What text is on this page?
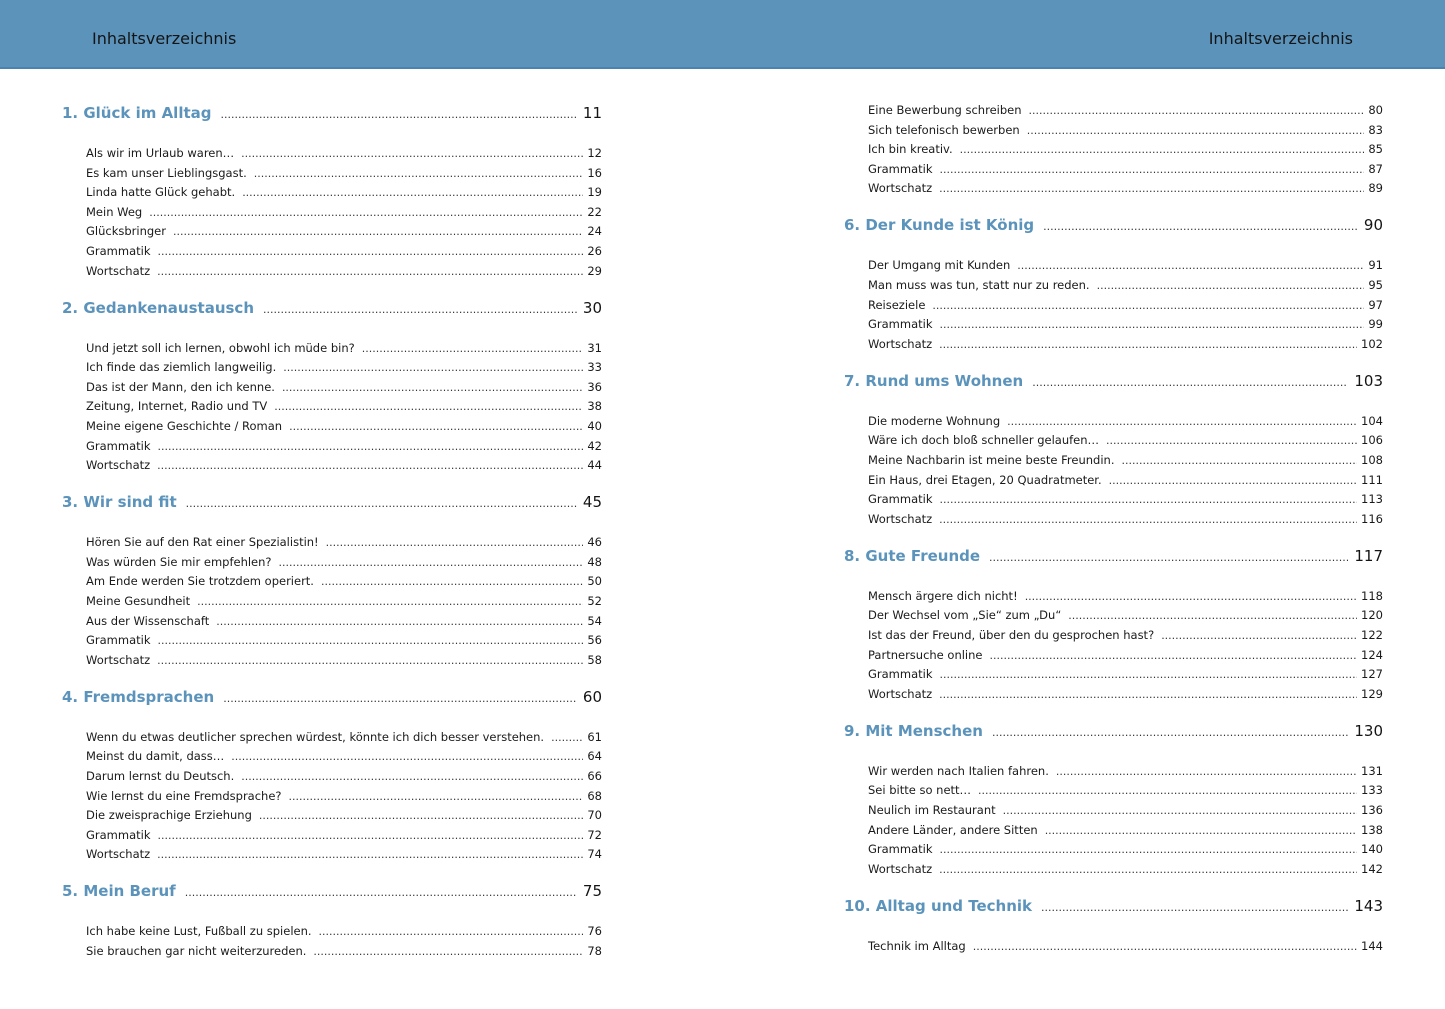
Inhaltsverzeichnis	Inhaltsverzeichnis
1. Glück im Alltag .....	11
Als wir im Urlaub waren… .....	12
Es kam unser Lieblingsgast. .....	16
Linda hatte Glück gehabt. .....	19
Mein Weg .....	22
Glücksbringer .....	24
Grammatik .....	26
Wortschatz .....	29
2. Gedankenaustausch .....	30
Und jetzt soll ich lernen, obwohl ich müde bin? .....	31
Ich finde das ziemlich langweilig. .....	33
Das ist der Mann, den ich kenne. .....	36
Zeitung, Internet, Radio und TV .....	38
Meine eigene Geschichte / Roman .....	40
Grammatik .....	42
Wortschatz .....	44
3. Wir sind fit .....	45
Hören Sie auf den Rat einer Spezialistin! .....	46
Was würden Sie mir empfehlen? .....	48
Am Ende werden Sie trotzdem operiert. .....	50
Meine Gesundheit .....	52
Aus der Wissenschaft .....	54
Grammatik .....	56
Wortschatz .....	58
4. Fremdsprachen .....	60
Wenn du etwas deutlicher sprechen würdest, könnte ich dich besser verstehen. .....	61
Meinst du damit, dass… .....	64
Darum lernst du Deutsch. .....	66
Wie lernst du eine Fremdsprache? .....	68
Die zweisprachige Erziehung .....	70
Grammatik .....	72
Wortschatz .....	74
5. Mein Beruf .....	75
Ich habe keine Lust, Fußball zu spielen. .....	76
Sie brauchen gar nicht weiterzureden. .....	78
Eine Bewerbung schreiben .....	80
Sich telefonisch bewerben .....	83
Ich bin kreativ. .....	85
Grammatik .....	87
Wortschatz .....	89
6. Der Kunde ist König .....	90
Der Umgang mit Kunden .....	91
Man muss was tun, statt nur zu reden. .....	95
Reiseziele .....	97
Grammatik .....	99
Wortschatz .....	102
7. Rund ums Wohnen .....	103
Die moderne Wohnung .....	104
Wäre ich doch bloß schneller gelaufen… .....	106
Meine Nachbarin ist meine beste Freundin. .....	108
Ein Haus, drei Etagen, 20 Quadratmeter. .....	111
Grammatik .....	113
Wortschatz .....	116
8. Gute Freunde .....	117
Mensch ärgere dich nicht! .....	118
Der Wechsel vom „Sie“ zum „Du“ .....	120
Ist das der Freund, über den du gesprochen hast? .....	122
Partnersuche online .....	124
Grammatik .....	127
Wortschatz .....	129
9. Mit Menschen .....	130
Wir werden nach Italien fahren. .....	131
Sei bitte so nett… .....	133
Neulich im Restaurant .....	136
Andere Länder, andere Sitten .....	138
Grammatik .....	140
Wortschatz .....	142
10. Alltag und Technik .....	143
Technik im Alltag .....	144
